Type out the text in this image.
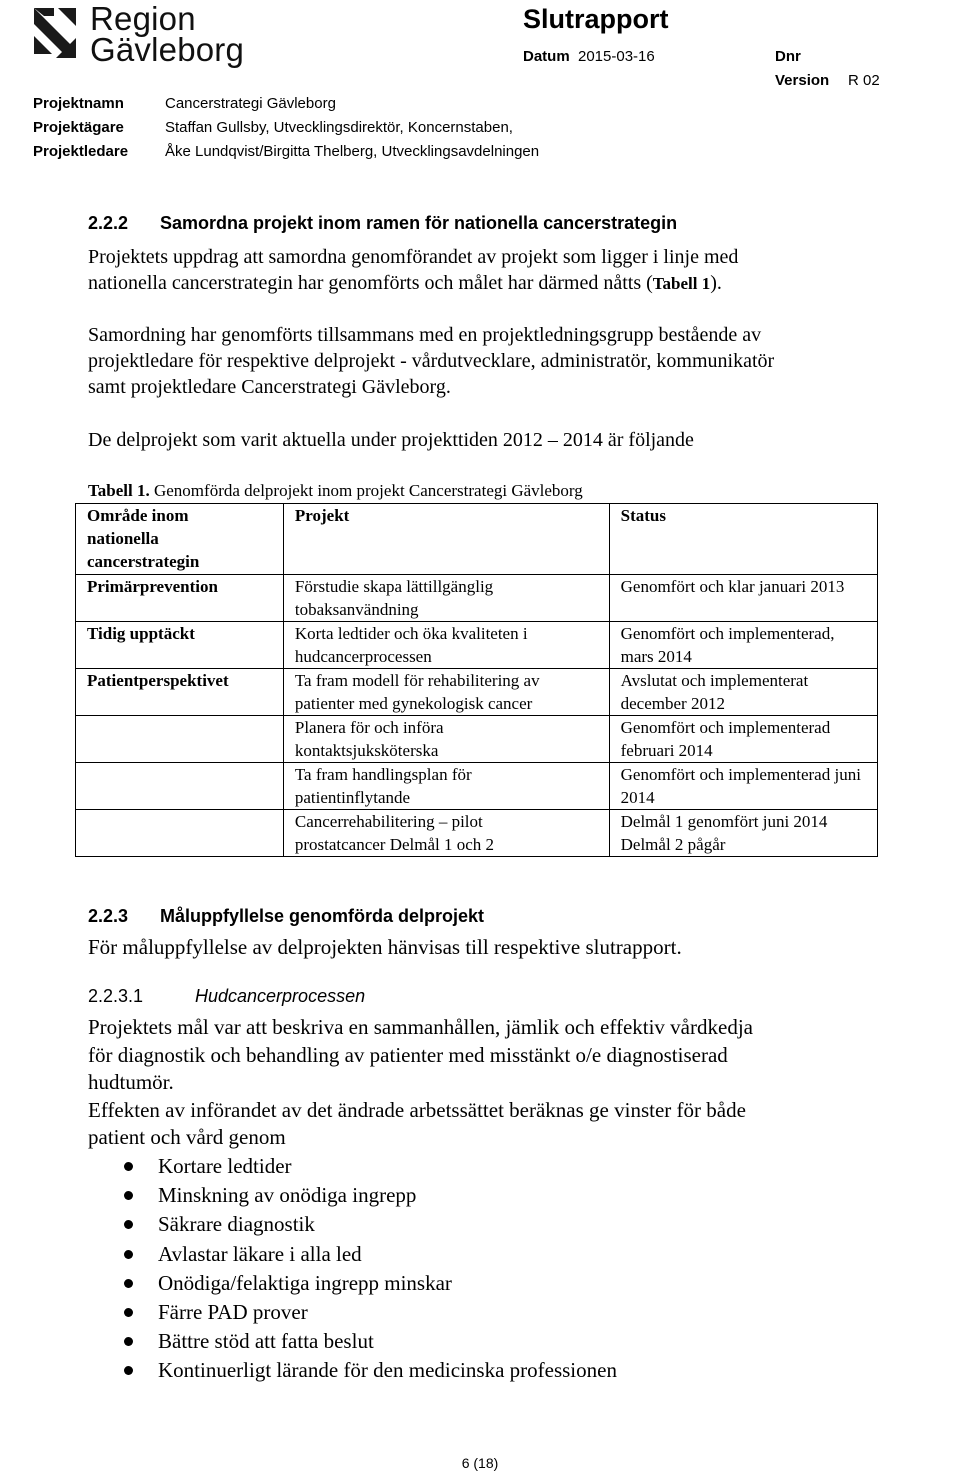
Region
Gävleborg
Slutrapport
Datum 2015-03-16	Dnr
Version R 02
Projektnamn	Cancerstrategi Gävleborg
Projektägare	Staffan Gullsby, Utvecklingsdirektör, Koncernstaben,
Projektledare Åke Lundqvist/Birgitta Thelberg, Utvecklingsavdelningen
2.2.2 Samordna projekt inom ramen för nationella cancerstrategin
Projektets uppdrag att samordna genomförandet av projekt som ligger i linje med
nationella cancerstrategin har genomförts och målet har därmed nåtts (Tabell 1).
Samordning har genomförts tillsammans med en projektledningsgrupp bestående av
projektledare för respektive delprojekt - vårdutvecklare, administratör, kommunikatör
samt projektledare Cancerstrategi Gävleborg.
De delprojekt som varit aktuella under projekttiden 2012 – 2014 är följande
Tabell 1. Genomförda delprojekt inom projekt Cancerstrategi Gävleborg
Område inom nationella cancerstrategin	Projekt	Status
Primärprevention	Förstudie skapa lättillgänglig tobaksanvändning	Genomfört och klar januari 2013
Tidig upptäckt	Korta ledtider och öka kvaliteten i hudcancerprocessen	Genomfört och implementerad, mars 2014
Patientperspektivet	Ta fram modell för rehabilitering av patienter med gynekologisk cancer	Avslutat och implementerat december 2012
	Planera för och införa kontaktsjuksköterska	Genomfört och implementerad februari 2014
	Ta fram handlingsplan för patientinflytande	Genomfört och implementerad juni 2014
	Cancerrehabilitering – pilot prostatcancer Delmål 1 och 2	Delmål 1 genomfört juni 2014 Delmål 2 pågår
2.2.3 Måluppfyllelse genomförda delprojekt
För måluppfyllelse av delprojekten hänvisas till respektive slutrapport.
2.2.3.1	Hudcancerprocessen
Projektets mål var att beskriva en sammanhållen, jämlik och effektiv vårdkedja
för diagnostik och behandling av patienter med misstänkt o/e diagnostiserad
hudtumör.
Effekten av införandet av det ändrade arbetssättet beräknas ge vinster för både
patient och vård genom
Kortare ledtider
Minskning av onödiga ingrepp
Säkrare diagnostik
Avlastar läkare i alla led
Onödiga/felaktiga ingrepp minskar
Färre PAD prover
Bättre stöd att fatta beslut
Kontinuerligt lärande för den medicinska professionen
6 (18)
